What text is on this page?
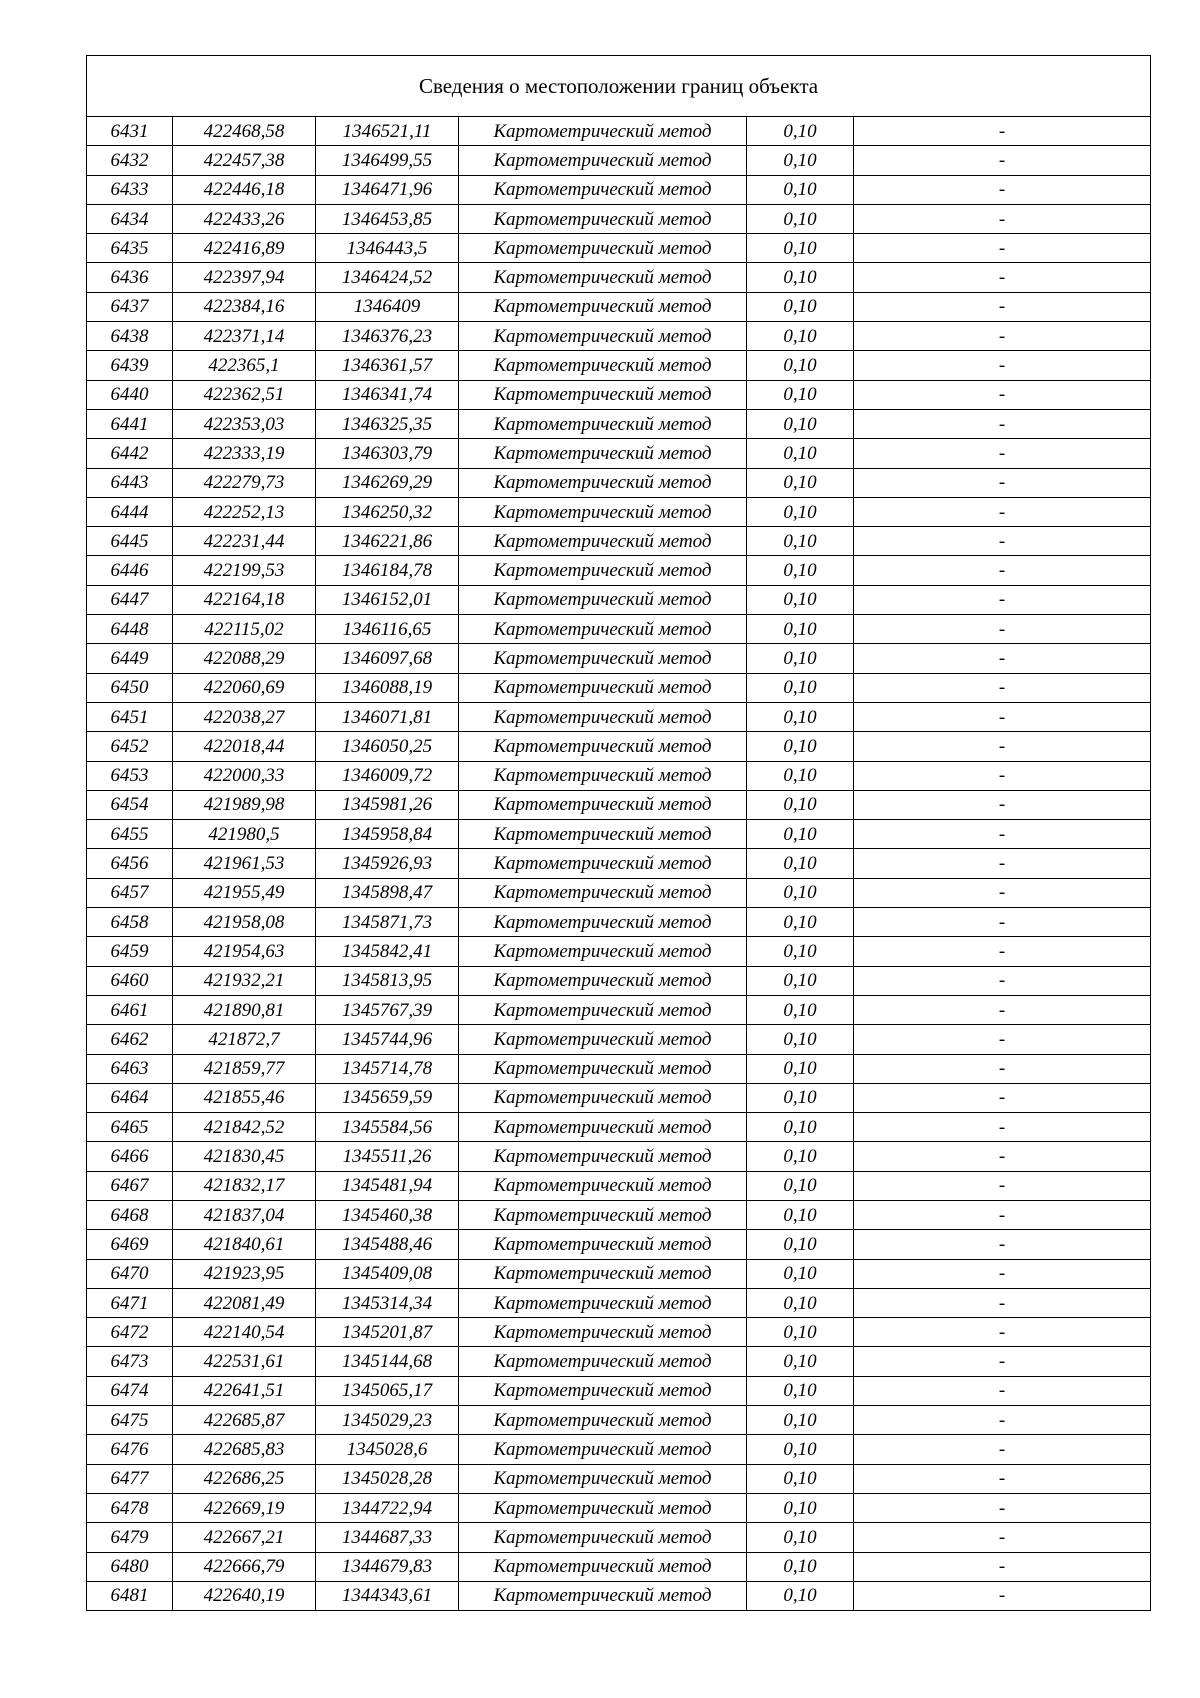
Сведения о местоположении границ объекта					
6431	422468,58	1346521,11	Картометрический метод	0,10	-
6432	422457,38	1346499,55	Картометрический метод	0,10	-
6433	422446,18	1346471,96	Картометрический метод	0,10	-
6434	422433,26	1346453,85	Картометрический метод	0,10	-
6435	422416,89	1346443,5	Картометрический метод	0,10	-
6436	422397,94	1346424,52	Картометрический метод	0,10	-
6437	422384,16	1346409	Картометрический метод	0,10	-
6438	422371,14	1346376,23	Картометрический метод	0,10	-
6439	422365,1	1346361,57	Картометрический метод	0,10	-
6440	422362,51	1346341,74	Картометрический метод	0,10	-
6441	422353,03	1346325,35	Картометрический метод	0,10	-
6442	422333,19	1346303,79	Картометрический метод	0,10	-
6443	422279,73	1346269,29	Картометрический метод	0,10	-
6444	422252,13	1346250,32	Картометрический метод	0,10	-
6445	422231,44	1346221,86	Картометрический метод	0,10	-
6446	422199,53	1346184,78	Картометрический метод	0,10	-
6447	422164,18	1346152,01	Картометрический метод	0,10	-
6448	422115,02	1346116,65	Картометрический метод	0,10	-
6449	422088,29	1346097,68	Картометрический метод	0,10	-
6450	422060,69	1346088,19	Картометрический метод	0,10	-
6451	422038,27	1346071,81	Картометрический метод	0,10	-
6452	422018,44	1346050,25	Картометрический метод	0,10	-
6453	422000,33	1346009,72	Картометрический метод	0,10	-
6454	421989,98	1345981,26	Картометрический метод	0,10	-
6455	421980,5	1345958,84	Картометрический метод	0,10	-
6456	421961,53	1345926,93	Картометрический метод	0,10	-
6457	421955,49	1345898,47	Картометрический метод	0,10	-
6458	421958,08	1345871,73	Картометрический метод	0,10	-
6459	421954,63	1345842,41	Картометрический метод	0,10	-
6460	421932,21	1345813,95	Картометрический метод	0,10	-
6461	421890,81	1345767,39	Картометрический метод	0,10	-
6462	421872,7	1345744,96	Картометрический метод	0,10	-
6463	421859,77	1345714,78	Картометрический метод	0,10	-
6464	421855,46	1345659,59	Картометрический метод	0,10	-
6465	421842,52	1345584,56	Картометрический метод	0,10	-
6466	421830,45	1345511,26	Картометрический метод	0,10	-
6467	421832,17	1345481,94	Картометрический метод	0,10	-
6468	421837,04	1345460,38	Картометрический метод	0,10	-
6469	421840,61	1345488,46	Картометрический метод	0,10	-
6470	421923,95	1345409,08	Картометрический метод	0,10	-
6471	422081,49	1345314,34	Картометрический метод	0,10	-
6472	422140,54	1345201,87	Картометрический метод	0,10	-
6473	422531,61	1345144,68	Картометрический метод	0,10	-
6474	422641,51	1345065,17	Картометрический метод	0,10	-
6475	422685,87	1345029,23	Картометрический метод	0,10	-
6476	422685,83	1345028,6	Картометрический метод	0,10	-
6477	422686,25	1345028,28	Картометрический метод	0,10	-
6478	422669,19	1344722,94	Картометрический метод	0,10	-
6479	422667,21	1344687,33	Картометрический метод	0,10	-
6480	422666,79	1344679,83	Картометрический метод	0,10	-
6481	422640,19	1344343,61	Картометрический метод	0,10	-
